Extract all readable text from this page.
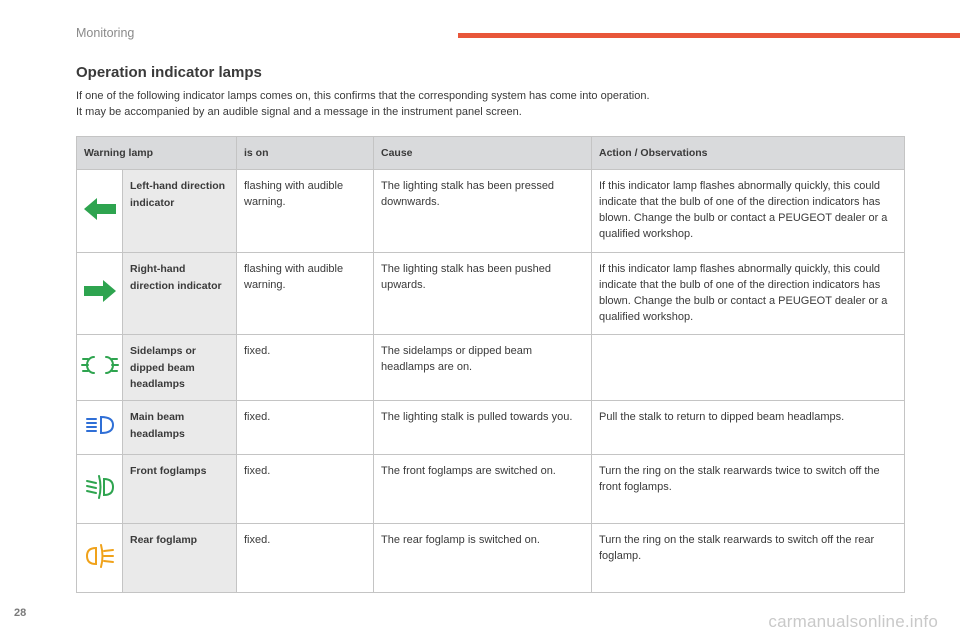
Monitoring
Operation indicator lamps

If one of the following indicator lamps comes on, this confirms that the corresponding system has come into operation.

It may be accompanied by an audible signal and a message in the instrument panel screen.

Warning lamp		is on	Cause	Action / Observations
	Left-hand direction indicator	flashing with audible warning.	The lighting stalk has been pressed downwards.	If this indicator lamp flashes abnormally quickly, this could indicate that the bulb of one of the direction indicators has blown. Change the bulb or contact a PEUGEOT dealer or a qualified workshop.
	Right-hand direction indicator	flashing with audible warning.	The lighting stalk has been pushed upwards.	If this indicator lamp flashes abnormally quickly, this could indicate that the bulb of one of the direction indicators has blown. Change the bulb or contact a PEUGEOT dealer or a qualified workshop.
	Sidelamps or dipped beam headlamps	fixed.	The sidelamps or dipped beam headlamps are on.	
	Main beam headlamps	fixed.	The lighting stalk is pulled towards you.	Pull the stalk to return to dipped beam headlamps.
	Front foglamps	fixed.	The front foglamps are switched on.	Turn the ring on the stalk rearwards twice to switch off the front foglamps.
	Rear foglamp	fixed.	The rear foglamp is switched on.	Turn the ring on the stalk rearwards to switch off the rear foglamp.
28	carmanualsonline.info
